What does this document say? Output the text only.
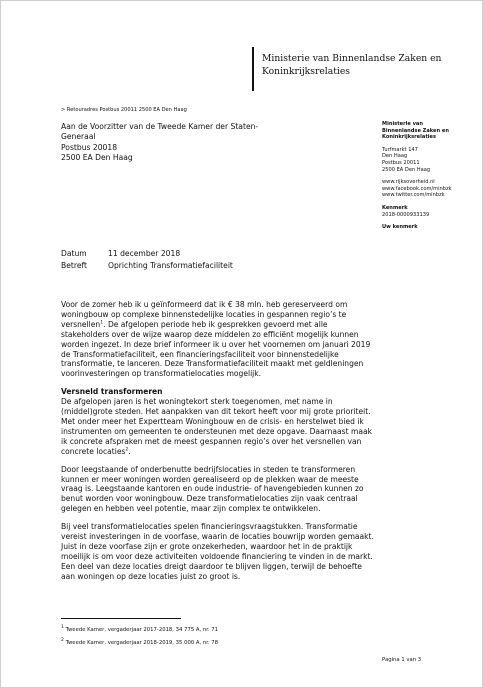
Ministerie van Binnenlandse Zaken en
Koninkrijksrelaties
> Retouradres Postbus 20011 2500 EA Den Haag
Aan de Voorzitter van de Tweede Kamer der Staten-
Generaal
Postbus 20018
2500 EA Den Haag
Ministerie van
Binnenlandse Zaken en
Koninkrijksrelaties
Turfmarkt 147
Den Haag
Postbus 20011
2500 EA Den Haag
www.rijksoverheid.nl
www.facebook.com/minbzk
www.twitter.com/minbzk
Kenmerk
2018-0000933139
Uw kenmerk
Datum	11 december 2018
Betreft	Oprichting Transformatiefaciliteit

Voor de zomer heb ik u geïnformeerd dat ik € 38 mln. heb gereserveerd om
woningbouw op complexe binnenstedelijke locaties in gespannen regio’s te
versnellen$^1$. De afgelopen periode heb ik gesprekken gevoerd met alle
stakeholders over de wijze waarop deze middelen zo efficiënt mogelijk kunnen
worden ingezet. In deze brief informeer ik u over het voornemen om januari 2019
de Transformatiefaciliteit, een financieringsfaciliteit voor binnenstedelijke
transformatie, te lanceren. Deze Transformatiefaciliteit maakt met geldleningen
voorinvesteringen op transformatielocaties mogelijk.

Versneld transformeren

De afgelopen jaren is het woningtekort sterk toegenomen, met name in
(middel)grote steden. Het aanpakken van dit tekort heeft voor mij grote prioriteit.
Met onder meer het Expertteam Woningbouw en de crisis- en herstelwet bied ik
instrumenten om gemeenten te ondersteunen met deze opgave. Daarnaast maak
ik concrete afspraken met de meest gespannen regio’s over het versnellen van
concrete locaties$^2$.

Door leegstaande of onderbenutte bedrijfslocaties in steden te transformeren
kunnen er meer woningen worden gerealiseerd op de plekken waar de meeste
vraag is. Leegstaande kantoren en oude industrie- of havengebieden kunnen zo
benut worden voor woningbouw. Deze transformatielocaties zijn vaak centraal
gelegen en hebben veel potentie, maar zijn complex te ontwikkelen.

Bij veel transformatielocaties spelen financieringsvraagstukken. Transformatie
vereist investeringen in de voorfase, waarin de locaties bouwrijp worden gemaakt.
Juist in deze voorfase zijn er grote onzekerheden, waardoor het in de praktijk
moeilijk is om voor deze activiteiten voldoende financiering te vinden in de markt.
Een deel van deze locaties dreigt daardoor te blijven liggen, terwijl de behoefte
aan woningen op deze locaties juist zo groot is.

$^1$ Tweede Kamer, vergaderjaar 2017-2018, 34 775 A, nr. 71
$^2$ Tweede Kamer, vergaderjaar 2018-2019, 35 000 A, nr. 78
Pagina 1 van 3
